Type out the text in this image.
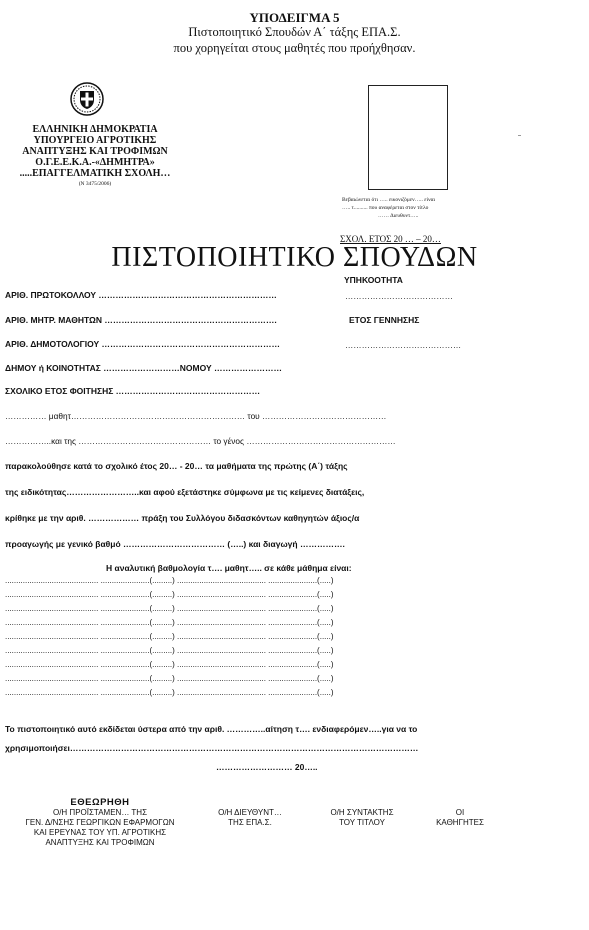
ΥΠΟΔΕΙΓΜΑ 5
Πιστοποιητικό Σπουδών Α΄ τάξης ΕΠΑ.Σ.
που χορηγείται στους μαθητές που προήχθησαν.
ΕΛΛΗΝΙΚΗ ΔΗΜΟΚΡΑΤΙΑ
ΥΠΟΥΡΓΕΙΟ ΑΓΡΟΤΙΚΗΣ
ΑΝΑΠΤΥΞΗΣ ΚΑΙ ΤΡΟΦΙΜΩΝ
Ο.Γ.Ε.Ε.Κ.Α.-«ΔΗΜΗΤΡΑ»
.....ΕΠΑΓΓΕΛΜΑΤΙΚΗ ΣΧΟΛΗ…
(Ν 3475/2006)
Βεβαιώνεται ότι ….. εικονιζόμεν….. είναι
….. τ.......... που αναφέρεται στον τίτλο
…… Διευθυντ…..
ΣΧΟΛ. ΕΤΟΣ 20 … – 20…
ΠΙΣΤΟΠΟΙΗΤΙΚΟ ΣΠΟΥΔΩΝ
ΥΠΗΚΟΟΤΗΤΑ
ΑΡΙΘ. ΠΡΩΤΟΚΟΛΛΟΥ ………………………………………………………	…………………………………
ΑΡΙΘ. ΜΗΤΡ. ΜΑΘΗΤΩΝ …………………………………………………….	ΕΤΟΣ ΓΕΝΝΗΣΗΣ
ΑΡΙΘ. ΔΗΜΟΤΟΛΟΓΙΟΥ ………………………………………………………	……………………………………
ΔΗΜΟΥ ή ΚΟΙΝΟΤΗΤΑΣ ………………………ΝΟΜΟΥ ……………………
ΣΧΟΛΙΚΟ ΕΤΟΣ ΦΟΙΤΗΣΗΣ ……………………………………………
…………… μαθητ……………………………………………………… του ………………………………………
……………..και της ………………………………………… το γένος ………………………………………………
παρακολούθησε κατά το σχολικό έτος 20… - 20… τα μαθήματα της πρώτης (Α΄) τάξης
της ειδικότητας……………………..και αφού εξετάστηκε σύμφωνα με τις κείμενες διατάξεις,
κρίθηκε με την αριθ. ……………… πράξη του Συλλόγου διδασκόντων καθηγητών άξιος/α
προαγωγής με γενικό βαθμό ……………………………… (…..) και διαγωγή …………….
Η αναλυτική βαθμολογία τ…. μαθητ….. σε κάθε μάθημα είναι:
.......................................... ......................(.........) ........................................ ......................(.....)
.......................................... ......................(.........) ........................................ ......................(.....)
.......................................... ......................(.........) ........................................ ......................(.....)
.......................................... ......................(.........) ........................................ ......................(.....)
.......................................... ......................(.........) ........................................ ......................(.....)
.......................................... ......................(.........) ........................................ ......................(.....)
.......................................... ......................(.........) ........................................ ......................(.....)
.......................................... ......................(.........) ........................................ ......................(.....)
.......................................... ......................(.........) ........................................ ......................(.....)
Το πιστοποιητικό αυτό εκδίδεται ύστερα από την αριθ. …………..αίτηση τ…. ενδιαφερόμεν…..για να το
χρησιμοποιήσει……………………………………………………………………………………………………………
……………………… 20…..
ΕΘΕΩΡΗΘΗ
Ο/Η ΠΡΟΪΣΤΑΜΕΝ… ΤΗΣ
ΓΕΝ. Δ/ΝΣΗΣ ΓΕΩΡΓΙΚΩΝ ΕΦΑΡΜΟΓΩΝ
ΚΑΙ ΕΡΕΥΝΑΣ ΤΟΥ ΥΠ. ΑΓΡΟΤΙΚΗΣ
ΑΝΑΠΤΥΞΗΣ ΚΑΙ ΤΡΟΦΙΜΩΝ
Ο/Η ΔΙΕΥΘΥΝΤ…
ΤΗΣ ΕΠΑ.Σ.
Ο/Η ΣΥΝΤΑΚΤΗΣ
ΤΟΥ ΤΙΤΛΟΥ
ΟΙ
ΚΑΘΗΓΗΤΕΣ
